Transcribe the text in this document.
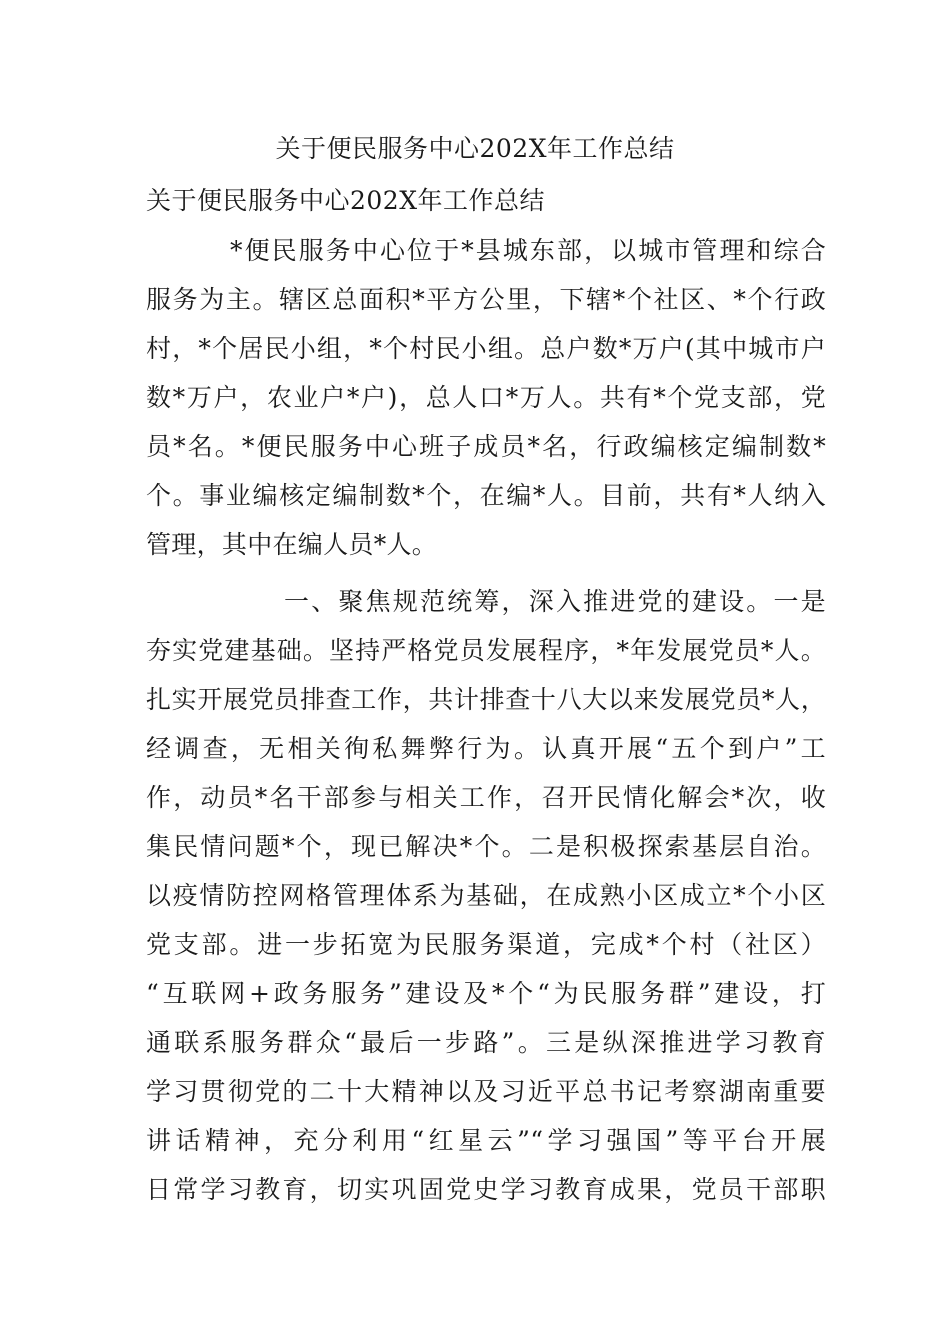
关于便民服务中心202X年工作总结
关于便民服务中心202X年工作总结
*便民服务中心位于*县城东部，以城市管理和综合
服务为主。辖区总面积*平方公里，下辖*个社区、*个行政
村，*个居民小组，*个村民小组。总户数*万户(其中城市户
数*万户，农业户*户)，总人口*万人。共有*个党支部，党
员*名。*便民服务中心班子成员*名，行政编核定编制数*
个。事业编核定编制数*个，在编*人。目前，共有*人纳入
管理，其中在编人员*人。
一、聚焦规范统筹，深入推进党的建设。一是
夯实党建基础。坚持严格党员发展程序，*年发展党员*人。
扎实开展党员排查工作，共计排查十八大以来发展党员*人，
经调查，无相关徇私舞弊行为。认真开展“五个到户”工
作，动员*名干部参与相关工作，召开民情化解会*次，收
集民情问题*个，现已解决*个。二是积极探索基层自治。
以疫情防控网格管理体系为基础，在成熟小区成立*个小区
党支部。进一步拓宽为民服务渠道，完成*个村（社区）
“互联网+政务服务”建设及*个“为民服务群”建设，打
通联系服务群众“最后一步路”。三是纵深推进学习教育
学习贯彻党的二十大精神以及习近平总书记考察湖南重要
讲话精神，充分利用“红星云”“学习强国”等平台开展
日常学习教育，切实巩固党史学习教育成果，党员干部职
